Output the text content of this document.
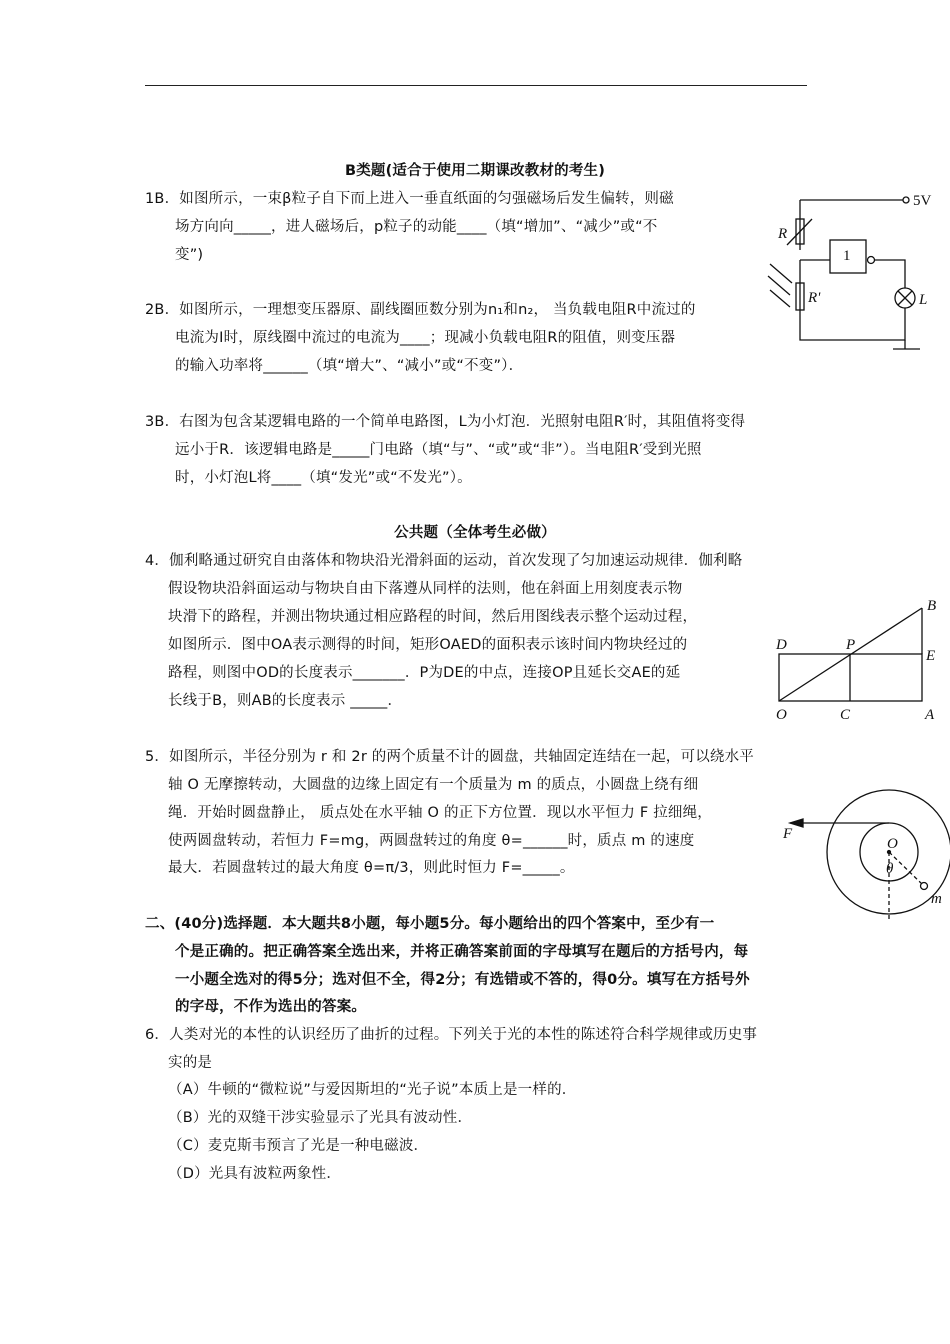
B类题(适合于使用二期课改教材的考生)
1B．如图所示，一束β粒子自下而上进入一垂直纸面的匀强磁场后发生偏转，则磁
场方向向_____，进人磁场后，p粒子的动能____（填“增加”、“减少”或“不
变”)
2B．如图所示，一理想变压器原、副线圈匝数分别为n₁和n₂， 当负载电阻R中流过的
电流为I时，原线圈中流过的电流为____；现减小负载电阻R的阻值，则变压器
的输入功率将______（填“增大”、“减小”或“不变”）．
3B．右图为包含某逻辑电路的一个简单电路图，L为小灯泡．光照射电阻R′时，其阻值将变得
远小于R．该逻辑电路是_____门电路（填“与”、“或”或“非”）。当电阻R′受到光照
时，小灯泡L将____（填“发光”或“不发光”）。
公共题（全体考生必做）
4．伽利略通过研究自由落体和物块沿光滑斜面的运动，首次发现了匀加速运动规律．伽利略
假设物块沿斜面运动与物块自由下落遵从同样的法则，他在斜面上用刻度表示物
块滑下的路程，并测出物块通过相应路程的时间，然后用图线表示整个运动过程，
如图所示．图中OA表示测得的时间，矩形OAED的面积表示该时间内物块经过的
路程，则图中OD的长度表示_______．P为DE的中点，连接OP且延长交AE的延
长线于B，则AB的长度表示 _____．
5．如图所示，半径分别为 r 和 2r 的两个质量不计的圆盘，共轴固定连结在一起，可以绕水平
轴 O 无摩擦转动，大圆盘的边缘上固定有一个质量为 m 的质点，小圆盘上绕有细
绳．开始时圆盘静止， 质点处在水平轴 O 的正下方位置．现以水平恒力 F 拉细绳，
使两圆盘转动，若恒力 F=mg，两圆盘转过的角度 θ=______时，质点 m 的速度
最大．若圆盘转过的最大角度 θ=π/3，则此时恒力 F=_____。
二、(40分)选择题．本大题共8小题，每小题5分。每小题给出的四个答案中，至少有一
个是正确的。把正确答案全选出来，并将正确答案前面的字母填写在题后的方括号内，每
一小题全选对的得5分；选对但不全，得2分；有选错或不答的，得0分。填写在方括号外
的字母，不作为选出的答案。
6．人类对光的本性的认识经历了曲折的过程。下列关于光的本性的陈述符合科学规律或历史事
实的是
（A）牛顿的“微粒说”与爱因斯坦的“光子说”本质上是一样的．
（B）光的双缝干涉实验显示了光具有波动性．
（C）麦克斯韦预言了光是一种电磁波．
（D）光具有波粒两象性．
5V
R
1
R'	L
B
D	P
E
O	C	A
F
O
θ
m
